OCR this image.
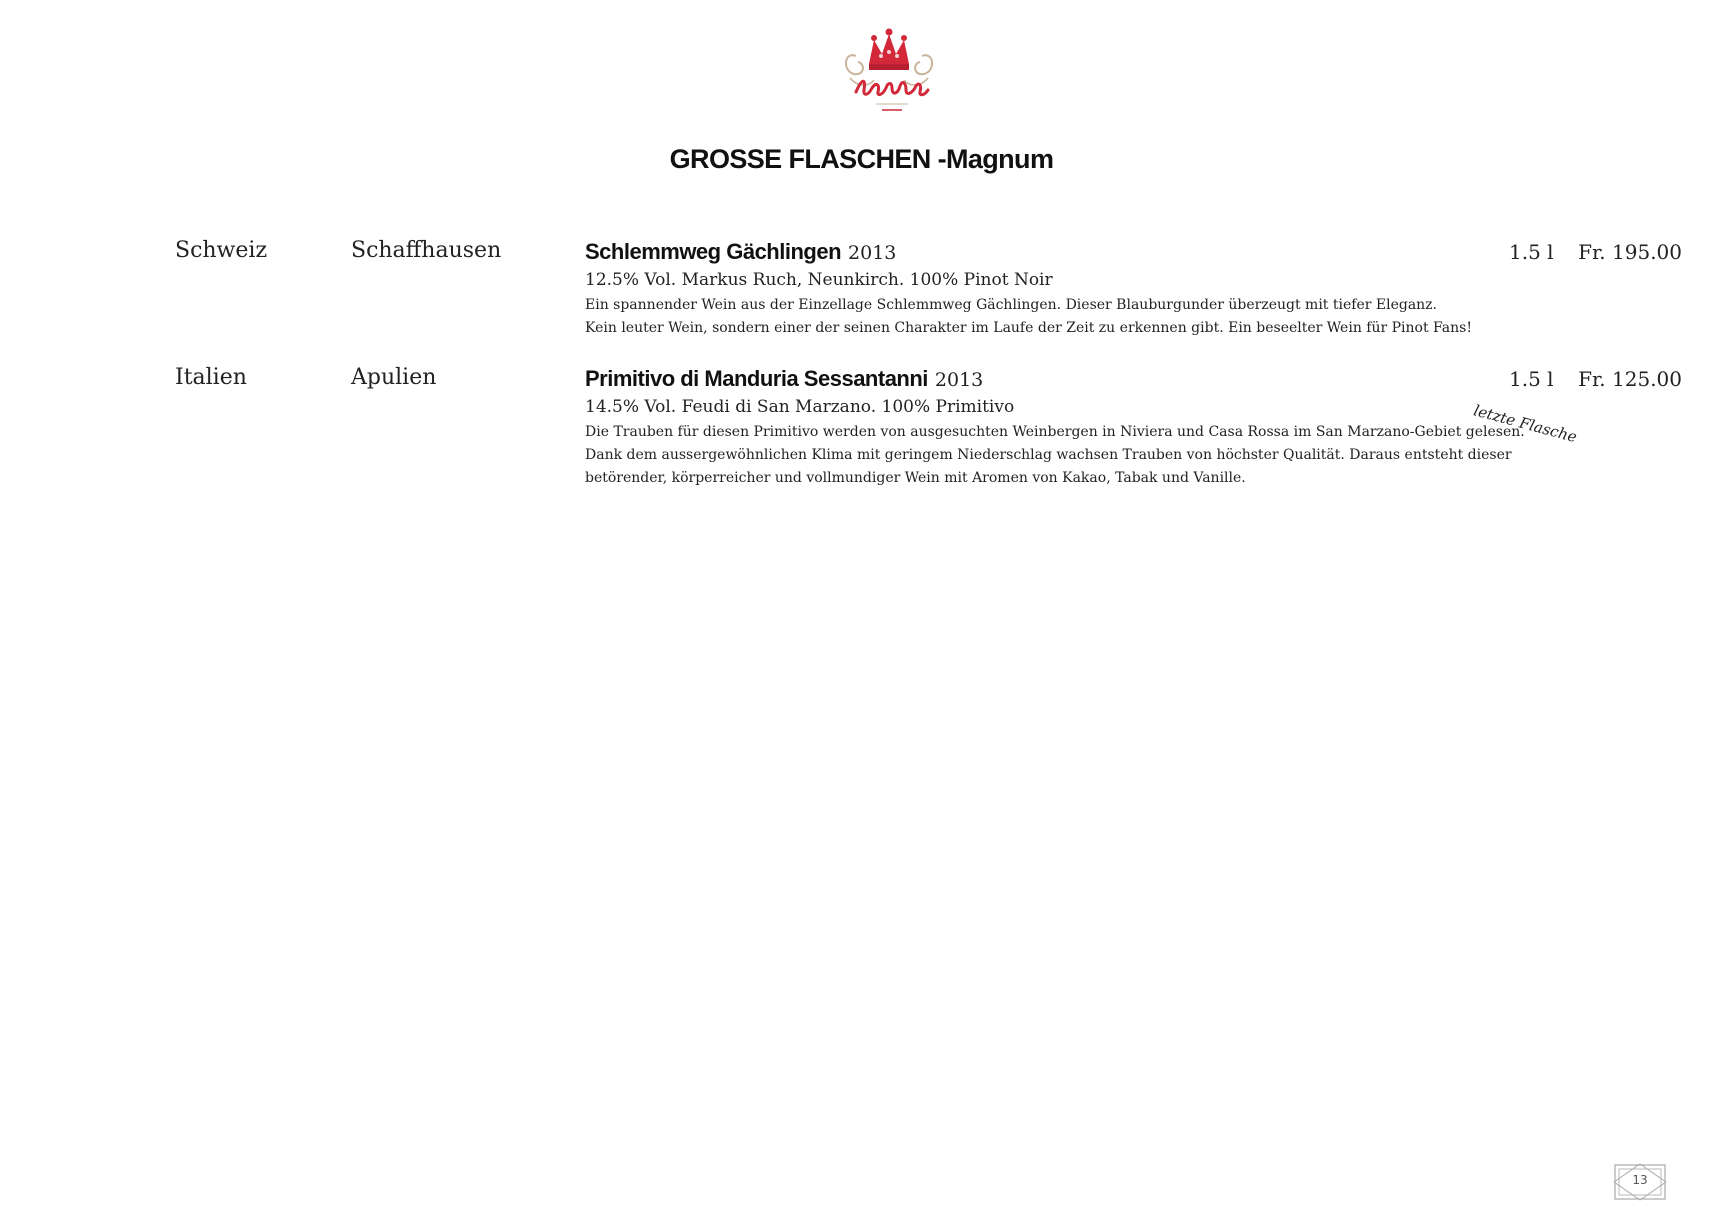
GROSSE FLASCHEN -Magnum
Schweiz	Schaffhausen	Schlemmweg Gächlingen 2013
12.5% Vol. Markus Ruch, Neunkirch. 100% Pinot Noir
Ein spannender Wein aus der Einzellage Schlemmweg Gächlingen. Dieser Blauburgunder überzeugt mit tiefer Eleganz.
Kein leuter Wein, sondern einer der seinen Charakter im Laufe der Zeit zu erkennen gibt. Ein beseelter Wein für Pinot Fans!
1.5 l Fr. 195.00
Italien	Apulien	Primitivo di Manduria Sessantanni 2013
14.5% Vol. Feudi di San Marzano. 100% Primitivo
Die Trauben für diesen Primitivo werden von ausgesuchten Weinbergen in Niviera und Casa Rossa im San Marzano-Gebiet gelesen.
Dank dem aussergewöhnlichen Klima mit geringem Niederschlag wachsen Trauben von höchster Qualität. Daraus entsteht dieser
betörender, körperreicher und vollmundiger Wein mit Aromen von Kakao, Tabak und Vanille.
1.5 l Fr. 125.00
letzte Flasche
13
